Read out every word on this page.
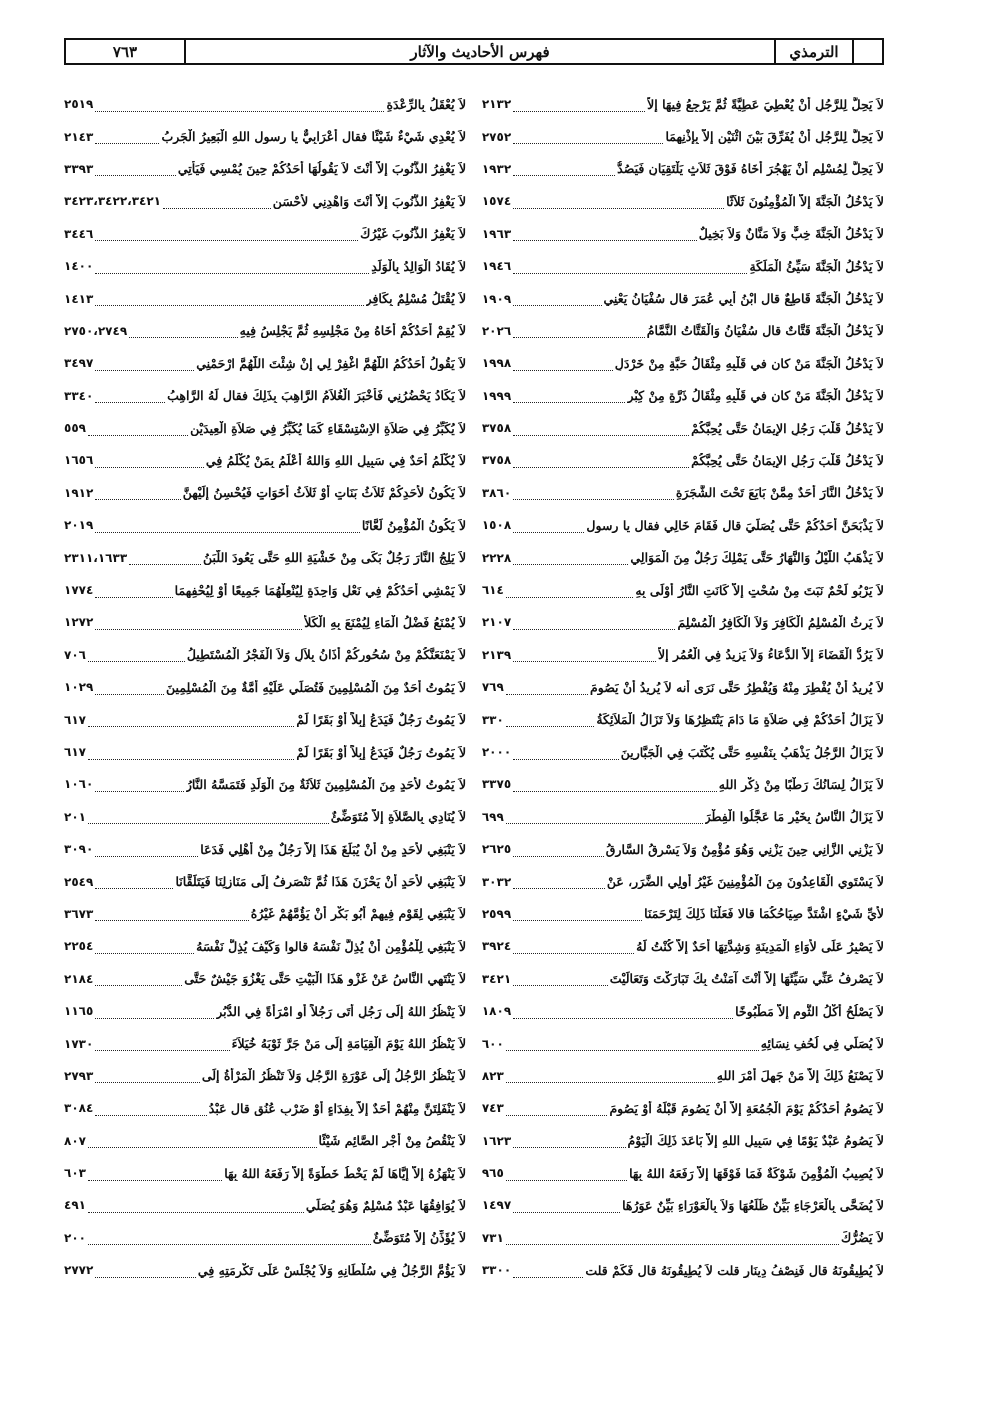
الترمذي
فهرس الأحاديث والآثار
٧٦٣
لاَ يَحِلُّ لِلرَّجُلِ أَنْ يُعْطِيَ عَطِيَّةً ثُمَّ يَرْجِعُ فِيهَا إِلاَّ
٢١٣٢
لاَ يَحِلُّ لِلرَّجُلِ أَنْ يُفَرِّقَ بَيْنَ اثْنَيْنِ إِلاَّ بِإِذْنِهِمَا
٢٧٥٢
لاَ يَحِلُّ لِمُسْلِمٍ أَنْ يَهْجُرَ أَخَاهُ فَوْقَ ثَلاَثٍ يَلْتَقِيَانِ فَيَصُدُّ
١٩٣٢
لاَ يَدْخُلُ الْجَنَّةَ إِلاَّ الْمُؤْمِنُونَ ثَلاَثًا
١٥٧٤
لاَ يَدْخُلُ الْجَنَّةَ خِبٌّ وَلاَ مَنَّانٌ وَلاَ بَخِيلٌ
١٩٦٣
لاَ يَدْخُلُ الْجَنَّةَ سَيِّئُ الْمَلَكَةِ
١٩٤٦
لاَ يَدْخُلُ الْجَنَّةَ قَاطِعٌ قال ابْنُ أَبِي عُمَرَ قال سُفْيَانُ يَعْنِي
١٩٠٩
لاَ يَدْخُلُ الْجَنَّةَ قَتَّاتٌ قال سُفْيَانُ وَالْقَتَّاتُ النَّمَّامُ
٢٠٢٦
لاَ يَدْخُلُ الْجَنَّةَ مَنْ كان في قَلْبِهِ مِثْقَالُ حَبَّةٍ مِنْ خَرْدَلٍ
١٩٩٨
لاَ يَدْخُلُ الْجَنَّةَ مَنْ كان في قَلْبِهِ مِثْقَالُ ذَرَّةٍ مِنْ كِبْرٍ
١٩٩٩
لاَ يَدْخُلُ قَلْبَ رَجُلٍ الإِيمَانُ حَتَّى يُحِبَّكُمْ
٣٧٥٨
لاَ يَدْخُلُ قَلْبَ رَجُلٍ الإِيمَانُ حَتَّى يُحِبَّكُمْ
٣٧٥٨
لاَ يَدْخُلُ النَّارَ أَحَدٌ مِمَّنْ بَايَعَ تَحْتَ الشَّجَرَةِ
٣٨٦٠
لاَ يَذْبَحَنَّ أَحَدُكُمْ حَتَّى يُصَلِّيَ قال فَقَامَ خَالِي فقال يا رسول
١٥٠٨
لاَ يَذْهَبُ اللَّيْلُ وَالنَّهَارُ حَتَّى يَمْلِكَ رَجُلٌ مِنَ الْمَوَالِي
٢٢٢٨
لاَ يَرْبُو لَحْمٌ نَبَتَ مِنْ سُحْتٍ إِلاَّ كَانَتِ النَّارُ أَوْلَى بِهِ
٦١٤
لاَ يَرِثُ الْمُسْلِمُ الْكَافِرَ وَلاَ الْكَافِرُ الْمُسْلِمَ
٢١٠٧
لاَ يَرُدُّ الْقَضَاءَ إِلاَّ الدُّعَاءُ وَلاَ يَزِيدُ فِي الْعُمُرِ إِلاَّ
٢١٣٩
لاَ يُرِيدُ أَنْ يُفْطِرَ مِنْهُ وَيُفْطِرُ حَتَّى نَرَى أنه لاَ يُرِيدُ أَنْ يَصُومَ
٧٦٩
لاَ يَزَالُ أَحَدُكُمْ فِي صَلاَةٍ مَا دَامَ يَنْتَظِرُهَا وَلاَ تَزَالُ الْمَلاَئِكَةُ
٣٣٠
لاَ يَزَالُ الرَّجُلُ يَذْهَبُ بِنَفْسِهِ حَتَّى يُكْتَبَ فِي الْجَبَّارِينَ
٢٠٠٠
لاَ يَزَالُ لِسَانُكَ رَطْبًا مِنْ ذِكْرِ اللهِ
٣٣٧٥
لاَ يَزَالُ النَّاسُ بِخَيْرٍ مَا عَجَّلُوا الْفِطْرَ
٦٩٩
لاَ يَزْنِي الزَّانِي حِينَ يَزْنِي وَهُوَ مُؤْمِنٌ وَلاَ يَسْرِقُ السَّارِقُ
٢٦٢٥
لاَ يَسْتَوِي الْقَاعِدُونَ مِنَ الْمُؤْمِنِينَ غَيْرُ أُولِي الضَّرَرِ، عَنْ
٣٠٣٢
لأَيِّ شَيْءٍ اشْتَدَّ صِيَاحُكُمَا قالا فَعَلْنَا ذَلِكَ لِتَرْحَمَنَا
٢٥٩٩
لاَ يَصْبِرُ عَلَى لأْوَاءِ الْمَدِينَةِ وَشِدَّتِهَا أَحَدٌ إِلاَّ كُنْتُ لَهُ
٣٩٢٤
لاَ يَصْرِفُ عَنِّي سَيِّئَهَا إِلاَّ أَنْتَ آمَنْتُ بِكَ تَبَارَكْتَ وَتَعَالَيْتَ
٣٤٢١
لاَ يَصْلُحُ أَكْلُ الثُّومِ إِلاَّ مَطْبُوخًا
١٨٠٩
لاَ يُصَلِّي فِي لُحُفِ نِسَائِهِ
٦٠٠
لاَ يَصْنَعُ ذَلِكَ إِلاَّ مَنْ جَهِلَ أَمْرَ اللهِ
٨٢٣
لاَ يَصُومُ أَحَدُكُمْ يَوْمَ الْجُمُعَةِ إِلاَّ أَنْ يَصُومَ قَبْلَهُ أَوْ يَصُومَ
٧٤٣
لاَ يَصُومُ عَبْدٌ يَوْمًا فِي سَبِيلِ اللهِ إِلاَّ بَاعَدَ ذَلِكَ الْيَوْمُ
١٦٢٣
لاَ يُصِيبُ الْمُؤْمِنَ شَوْكَةٌ فَمَا فَوْقَهَا إِلاَّ رَفَعَهُ اللهُ بِهَا
٩٦٥
لاَ يُضَحَّى بِالْعَرْجَاءِ بَيِّنٌ ظَلَعُهَا وَلاَ بِالْعَوْرَاءِ بَيِّنٌ عَوَرُهَا
١٤٩٧
لاَ يَضُرُّكَ
٧٣١
لاَ يُطِيقُونَهُ قال فَنِصْفُ دِينَارٍ قلت لاَ يُطِيقُونَهُ قال فَكَمْ قلت
٣٣٠٠
لاَ يُعْقَلُ بِالرِّعْدَةِ
٢٥١٩
لاَ يُعْدِي شَيْءٌ شَيْئًا فقال أَعْرَابِيٌّ يا رسول اللهِ الْبَعِيرُ الْجَرِبُ
٢١٤٣
لاَ يَغْفِرُ الذُّنُوبَ إِلاَّ أَنْتَ لاَ يَقُولُهَا أَحَدُكُمْ حِينَ يُمْسِي فَيَأْتِي
٣٣٩٣
لاَ يَغْفِرُ الذُّنُوبَ إِلاَّ أَنْتَ وَاهْدِنِي لأَحْسَنِ
٣٤٢٣،٣٤٢٢،٣٤٢١
لاَ يَغْفِرُ الذُّنُوبَ غَيْرُكَ
٣٤٤٦
لاَ يُقَادُ الْوَالِدُ بِالْوَلَدِ
١٤٠٠
لاَ يُقْتَلُ مُسْلِمٌ بِكَافِرٍ
١٤١٣
لاَ يُقِمْ أَحَدُكُمْ أَخَاهُ مِنْ مَجْلِسِهِ ثُمَّ يَجْلِسُ فِيهِ
٢٧٥٠،٢٧٤٩
لاَ يَقُولُ أَحَدُكُمُ اللَّهُمَّ اغْفِرْ لِي إِنْ شِئْتَ اللَّهُمَّ ارْحَمْنِي
٣٤٩٧
لاَ يَكَادُ يَحْضُرُنِي فَأَخْبَرَ الْغُلاَمُ الرَّاهِبَ بِذَلِكَ فقال لَهُ الرَّاهِبُ
٣٣٤٠
لاَ يُكَبِّرُ فِي صَلاَةِ الاِسْتِسْقَاءِ كَمَا يُكَبِّرُ فِي صَلاَةِ الْعِيدَيْنِ
٥٥٩
لاَ يُكْلَمُ أَحَدٌ فِي سَبِيلِ اللهِ وَاللهُ أَعْلَمُ بِمَنْ يُكْلَمُ فِي
١٦٥٦
لاَ يَكُونُ لأَحَدِكُمْ ثَلاَثُ بَنَاتٍ أَوْ ثَلاَثُ أَخَوَاتٍ فَيُحْسِنُ إِلَيْهِنَّ
١٩١٢
لاَ يَكُونُ الْمُؤْمِنُ لَعَّانًا
٢٠١٩
لاَ يَلِجُ النَّارَ رَجُلٌ بَكَى مِنْ خَشْيَةِ اللهِ حَتَّى يَعُودَ اللَّبَنُ
٢٣١١،١٦٣٣
لاَ يَمْشِي أَحَدُكُمْ فِي نَعْلٍ وَاحِدَةٍ لِيُنْعِلْهُمَا جَمِيعًا أَوْ لِيُحْفِهِمَا
١٧٧٤
لاَ يُمْنَعُ فَضْلُ الْمَاءِ لِيُمْنَعَ بِهِ الْكَلأُ
١٢٧٢
لاَ يَمْنَعَنَّكُمْ مِنْ سُحُورِكُمْ أَذَانُ بِلاَلٍ وَلاَ الْفَجْرُ الْمُسْتَطِيلُ
٧٠٦
لاَ يَمُوتُ أَحَدٌ مِنَ الْمُسْلِمِينَ فَتُصَلِّي عَلَيْهِ أُمَّةٌ مِنَ الْمُسْلِمِينَ
١٠٢٩
لاَ يَمُوتُ رَجُلٌ فَيَدَعُ إِبِلاً أَوْ بَقَرًا لَمْ
٦١٧
لاَ يَمُوتُ رَجُلٌ فَيَدَعُ إِبِلاً أَوْ بَقَرًا لَمْ
٦١٧
لاَ يَمُوتُ لأَحَدٍ مِنَ الْمُسْلِمِينَ ثَلاَثَةٌ مِنَ الْوَلَدِ فَتَمَسَّهُ النَّارُ
١٠٦٠
لاَ يُنَادِي بِالصَّلاَةِ إِلاَّ مُتَوَضِّئٌ
٢٠١
لاَ يَنْبَغِي لأَحَدٍ مِنْ أَنْ يُبَلِّغَ هَذَا إِلاَّ رَجُلٌ مِنْ أَهْلِي فَدَعَا
٣٠٩٠
لاَ يَنْبَغِي لأَحَدٍ أَنْ يَحْزَنَ هَذَا ثُمَّ نَنْصَرِفُ إِلَى مَنَازِلِنَا فَيَتَلَقَّانَا
٢٥٤٩
لاَ يَنْبَغِي لِقَوْمٍ فِيهِمْ أَبُو بَكْرٍ أَنْ يَؤُمَّهُمْ غَيْرُهُ
٣٦٧٣
لاَ يَنْبَغِي لِلْمُؤْمِنِ أَنْ يُذِلَّ نَفْسَهُ قالوا وَكَيْفَ يُذِلُّ نَفْسَهُ
٢٢٥٤
لاَ يَنْتَهِي النَّاسُ عَنْ غَزْوِ هَذَا الْبَيْتِ حَتَّى يَغْزُوَ جَيْشٌ حَتَّى
٢١٨٤
لاَ يَنْظُرُ اللهُ إِلَى رَجُلٍ أَتَى رَجُلاً أَوِ امْرَأَةً فِي الدُّبُرِ
١١٦٥
لاَ يَنْظُرُ اللهُ يَوْمَ الْقِيَامَةِ إِلَى مَنْ جَرَّ ثَوْبَهُ خُيَلاَءَ
١٧٣٠
لاَ يَنْظُرُ الرَّجُلُ إِلَى عَوْرَةِ الرَّجُلِ وَلاَ تَنْظُرُ الْمَرْأَةُ إِلَى
٢٧٩٣
لاَ يَنْفَلِتَنَّ مِنْهُمْ أَحَدٌ إِلاَّ بِفِدَاءٍ أَوْ ضَرْبِ عُنُقٍ قال عَبْدُ
٣٠٨٤
لاَ يَنْقُصُ مِنْ أَجْرِ الصَّائِمِ شَيْئًا
٨٠٧
لاَ يَنْهَزُهُ إِلاَّ إِيَّاهَا لَمْ يَخْطُ خَطْوَةً إِلاَّ رَفَعَهُ اللهُ بِهَا
٦٠٣
لاَ يُوَافِقُهَا عَبْدٌ مُسْلِمٌ وَهُوَ يُصَلِّي
٤٩١
لاَ يُؤَذِّنُ إِلاَّ مُتَوَضِّئٌ
٢٠٠
لاَ يَؤُمَّ الرَّجُلُ فِي سُلْطَانِهِ وَلاَ يُجْلَسْ عَلَى تَكْرِمَتِهِ فِي
٢٧٧٢
